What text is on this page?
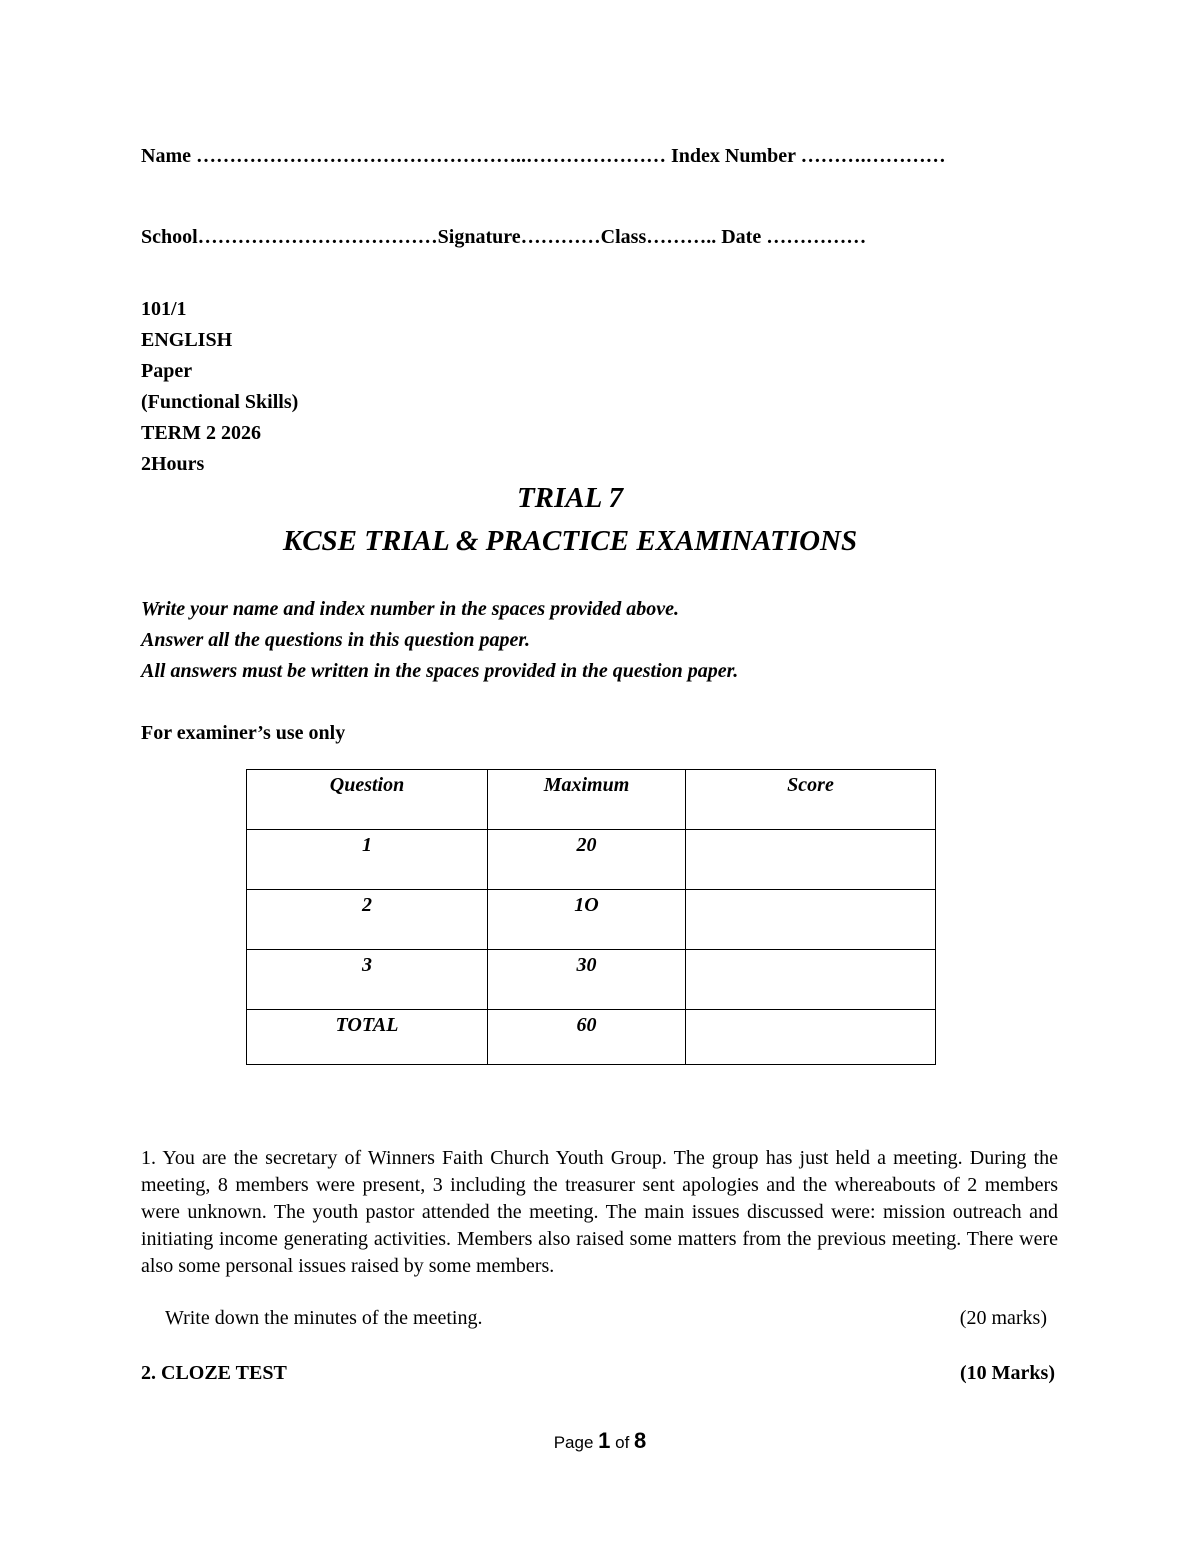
Name …………………………………………..………………… Index Number ……….…………
School………………………………Signature…………Class……….. Date ……………
101/1
ENGLISH
Paper
(Functional Skills)
TERM 2 2026
2Hours
TRIAL 7
KCSE TRIAL & PRACTICE EXAMINATIONS
Write your name and index number in the spaces provided above.
Answer all the questions in this question paper.
All answers must be written in the spaces provided in the question paper.
For examiner’s use only
Question	Maximum	Score
1	20	
2	1O	
3	30	
TOTAL	60	
1. You are the secretary of Winners Faith Church Youth Group. The group has just held a meeting. During the meeting, 8 members were present, 3 including the treasurer sent apologies and the whereabouts of 2 members were unknown. The youth pastor attended the meeting. The main issues discussed were: mission outreach and initiating income generating activities. Members also raised some matters from the previous meeting. There were also some personal issues raised by some members.
Write down the minutes of the meeting.	(20 marks)
2. CLOZE TEST	(10 Marks)
Page 1 of 8
